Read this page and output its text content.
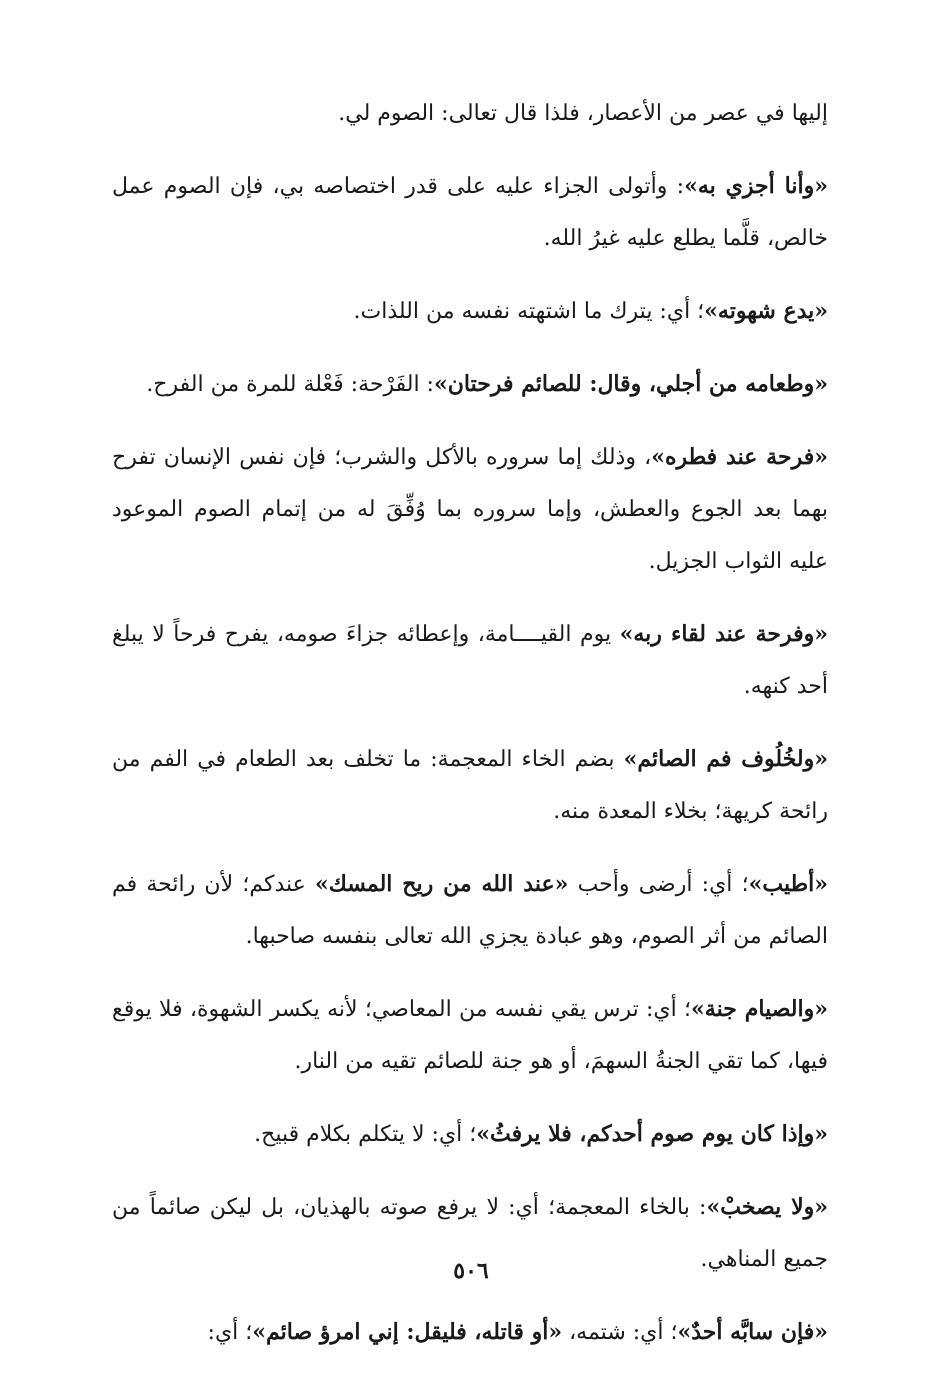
إليها في عصر من الأعصار، فلذا قال تعالى: الصوم لي.

«وأنا أجزي به»: وأتولى الجزاء عليه على قدر اختصاصه بي، فإن الصوم عمل خالص، قلَّما يطلع عليه غيرُ الله.

«يدع شهوته»؛ أي: يترك ما اشتهته نفسه من اللذات.

«وطعامه من أجلي، وقال: للصائم فرحتان»: الفَرْحة: فَعْلة للمرة من الفرح.

«فرحة عند فطره»، وذلك إما سروره بالأكل والشرب؛ فإن نفس الإنسان تفرح بهما بعد الجوع والعطش، وإما سروره بما وُفِّقَ له من إتمام الصوم الموعود عليه الثواب الجزيل.

«وفرحة عند لقاء ربه» يوم القيــــامة، وإعطائه جزاءَ صومه، يفرح فرحاً لا يبلغ أحد كنهه.

«ولخُلُوف فم الصائم» بضم الخاء المعجمة: ما تخلف بعد الطعام في الفم من رائحة كريهة؛ بخلاء المعدة منه.

«أطيب»؛ أي: أرضى وأحب «عند الله من ريح المسك» عندكم؛ لأن رائحة فم الصائم من أثر الصوم، وهو عبادة يجزي الله تعالى بنفسه صاحبها.

«والصيام جنة»؛ أي: ترس يقي نفسه من المعاصي؛ لأنه يكسر الشهوة، فلا يوقع فيها، كما تقي الجنةُ السهمَ، أو هو جنة للصائم تقيه من النار.

«وإذا كان يوم صوم أحدكم، فلا يرفثُ»؛ أي: لا يتكلم بكلام قبيح.

«ولا يصخبْ»: بالخاء المعجمة؛ أي: لا يرفع صوته بالهذيان، بل ليكن صائماً من جميع المناهي.

«فإن سابَّه أحدٌ»؛ أي: شتمه، «أو قاتله، فليقل: إني امرؤ صائم»؛ أي:

٥٠٦
